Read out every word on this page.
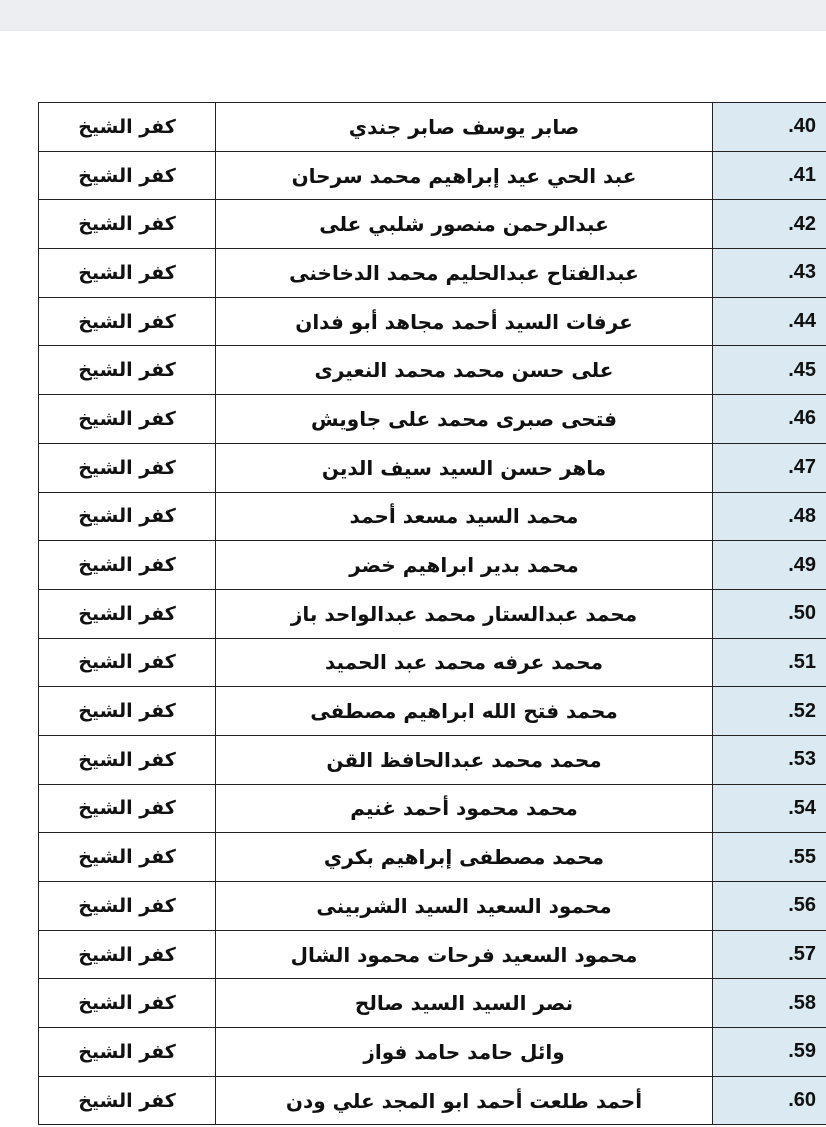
كفر الشيخ	صابر يوسف صابر جندي	.40
كفر الشيخ	عبد الحي عيد إبراهيم محمد سرحان	.41
كفر الشيخ	عبدالرحمن منصور شلبي على	.42
كفر الشيخ	عبدالفتاح عبدالحليم محمد الدخاخنى	.43
كفر الشيخ	عرفات السيد أحمد مجاهد أبو فدان	.44
كفر الشيخ	على حسن محمد محمد النعيرى	.45
كفر الشيخ	فتحى صبرى محمد على جاويش	.46
كفر الشيخ	ماهر حسن السيد سيف الدين	.47
كفر الشيخ	محمد السيد مسعد أحمد	.48
كفر الشيخ	محمد بدير ابراهيم خضر	.49
كفر الشيخ	محمد عبدالستار محمد عبدالواحد باز	.50
كفر الشيخ	محمد عرفه محمد عبد الحميد	.51
كفر الشيخ	محمد فتح الله ابراهيم مصطفى	.52
كفر الشيخ	محمد محمد عبدالحافظ القن	.53
كفر الشيخ	محمد محمود أحمد غنيم	.54
كفر الشيخ	محمد مصطفى إبراهيم بكري	.55
كفر الشيخ	محمود السعيد السيد الشربينى	.56
كفر الشيخ	محمود السعيد فرحات محمود الشال	.57
كفر الشيخ	نصر السيد السيد صالح	.58
كفر الشيخ	وائل حامد حامد فواز	.59
كفر الشيخ	أحمد طلعت أحمد ابو المجد علي ودن	.60
